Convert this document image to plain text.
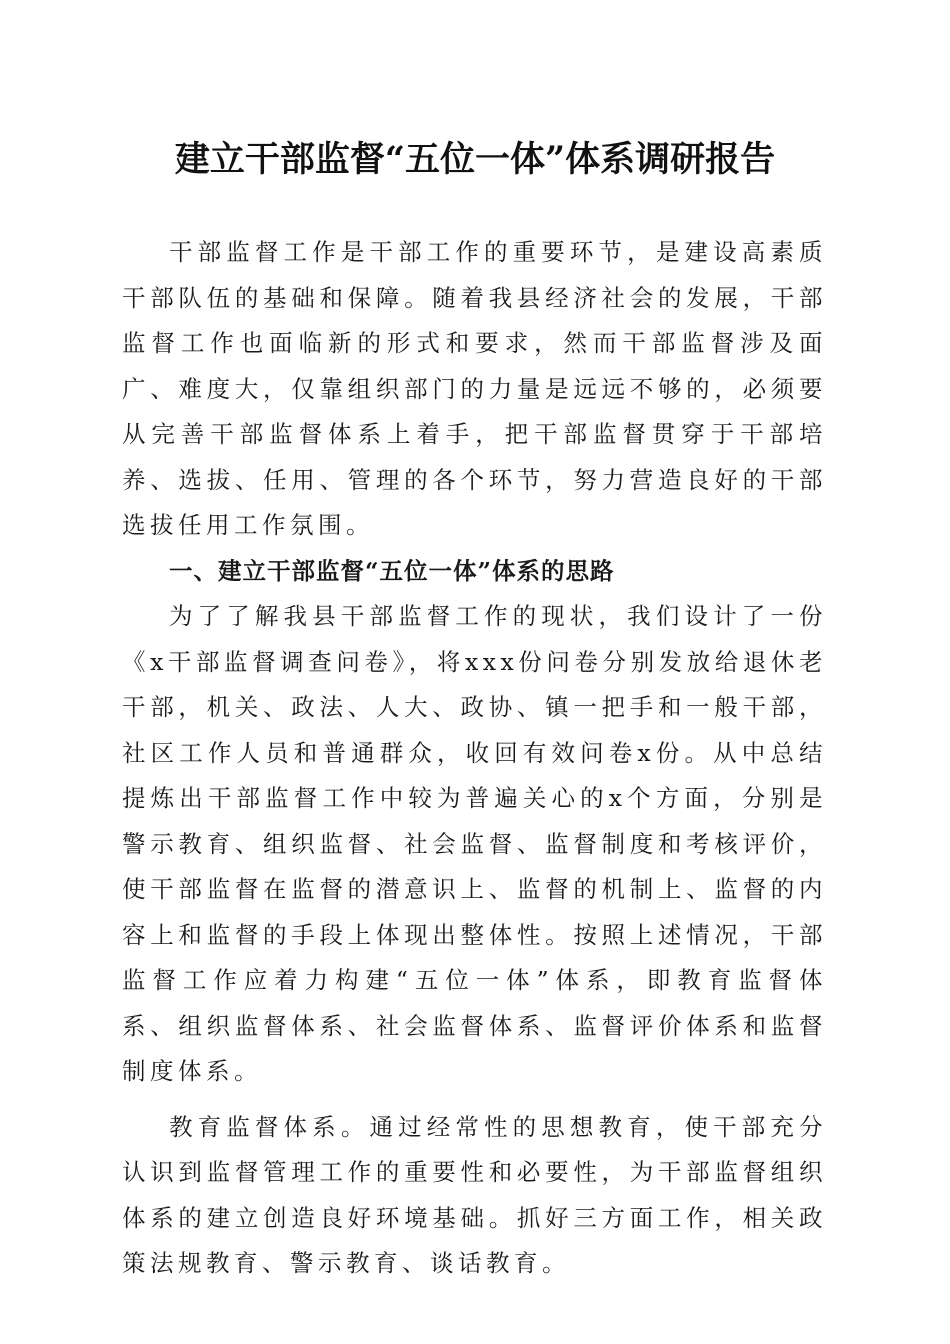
建立干部监督“五位一体”体系调研报告

干部监督工作是干部工作的重要环节，是建设高素质干部队伍的基础和保障。随着我县经济社会的发展，干部监督工作也面临新的形式和要求，然而干部监督涉及面广、难度大，仅靠组织部门的力量是远远不够的，必须要从完善干部监督体系上着手，把干部监督贯穿于干部培养、选拔、任用、管理的各个环节，努力营造良好的干部选拔任用工作氛围。

一、建立干部监督“五位一体”体系的思路

为了了解我县干部监督工作的现状，我们设计了一份《x干部监督调查问卷》，将xxx份问卷分别发放给退休老干部，机关、政法、人大、政协、镇一把手和一般干部，社区工作人员和普通群众，收回有效问卷x份。从中总结提炼出干部监督工作中较为普遍关心的x个方面，分别是警示教育、组织监督、社会监督、监督制度和考核评价，使干部监督在监督的潜意识上、监督的机制上、监督的内容上和监督的手段上体现出整体性。按照上述情况，干部监督工作应着力构建“五位一体”体系，即教育监督体系、组织监督体系、社会监督体系、监督评价体系和监督制度体系。

教育监督体系。通过经常性的思想教育，使干部充分认识到监督管理工作的重要性和必要性，为干部监督组织体系的建立创造良好环境基础。抓好三方面工作，相关政策法规教育、警示教育、谈话教育。
